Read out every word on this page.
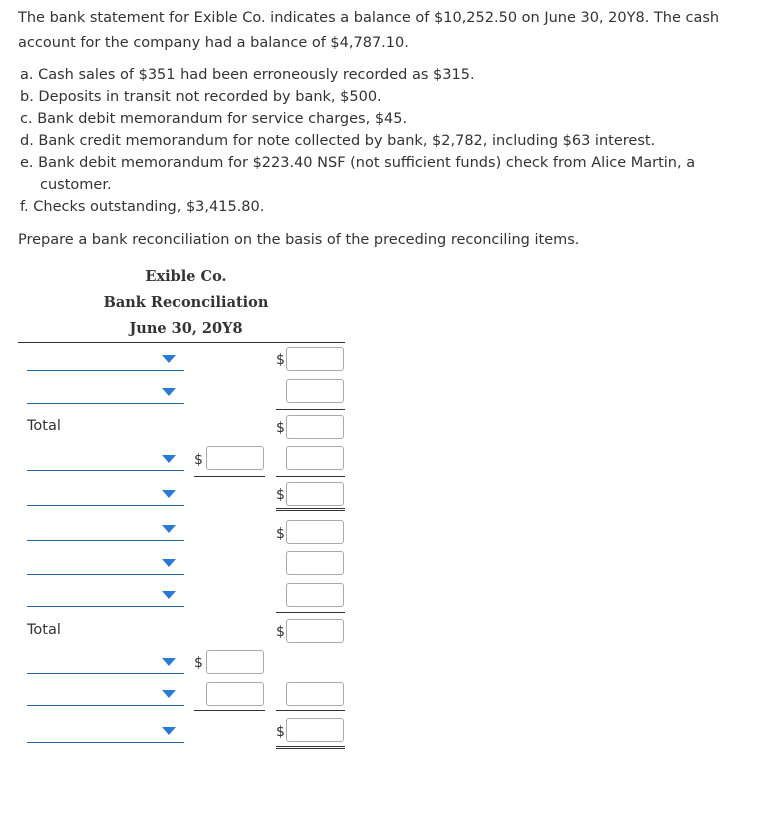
The bank statement for Exible Co. indicates a balance of $10,252.50 on June 30, 20Y8. The cash account for the company had a balance of $4,787.10.
a. Cash sales of $351 had been erroneously recorded as $315.
b. Deposits in transit not recorded by bank, $500.
c. Bank debit memorandum for service charges, $45.
d. Bank credit memorandum for note collected by bank, $2,782, including $63 interest.
e. Bank debit memorandum for $223.40 NSF (not sufficient funds) check from Alice Martin, a
customer.
f. Checks outstanding, $3,415.80.
Prepare a bank reconciliation on the basis of the preceding reconciling items.
Exible Co.
Bank Reconciliation
June 30, 20Y8
$
Total	$
$
$
$
Total	$
$
$
